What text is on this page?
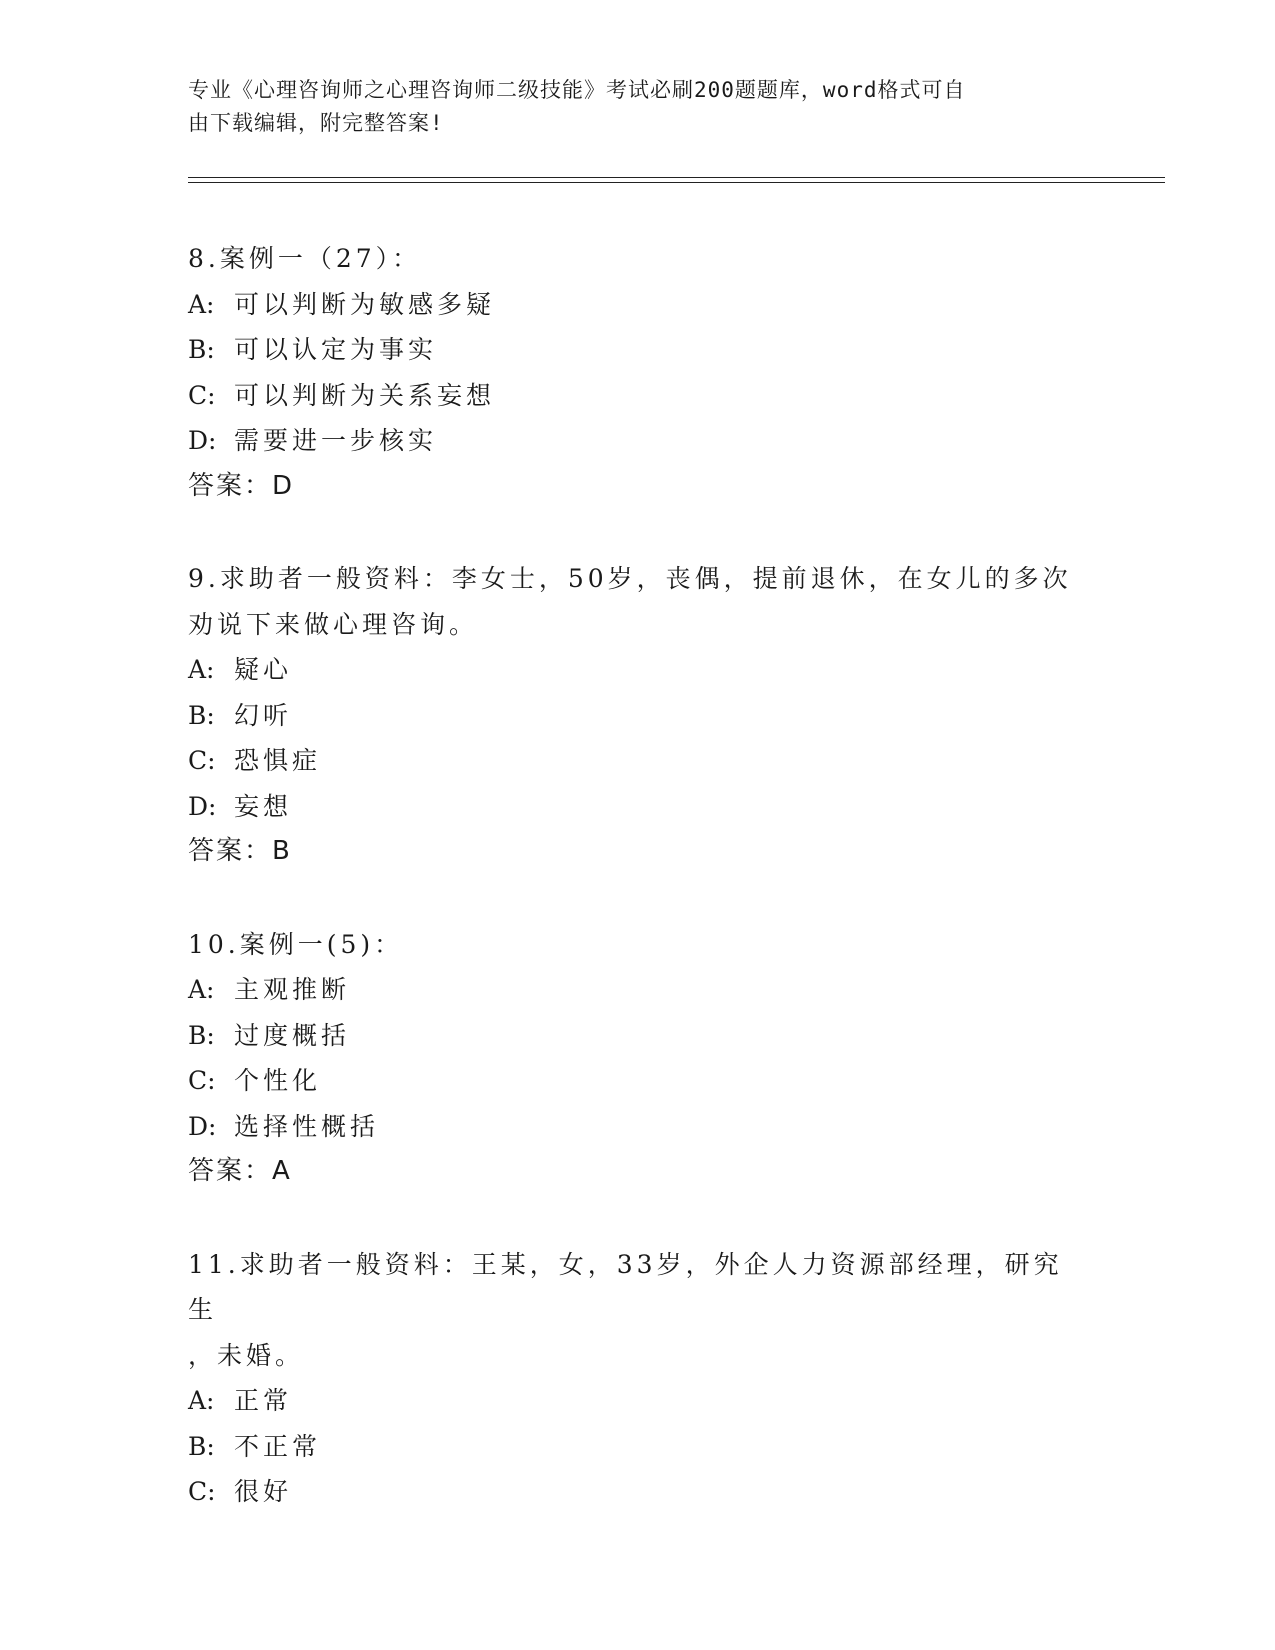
专业《心理咨询师之心理咨询师二级技能》考试必刷200题题库，word格式可自
由下载编辑，附完整答案!
8.案例一（27）：
A: 可以判断为敏感多疑
B: 可以认定为事实
C: 可以判断为关系妄想
D: 需要进一步核实
答案：D
9.求助者一般资料：李女士，50岁，丧偶，提前退休，在女儿的多次
劝说下来做心理咨询。
A: 疑心
B: 幻听
C: 恐惧症
D: 妄想
答案：B
10.案例一(5)：
A: 主观推断
B: 过度概括
C: 个性化
D: 选择性概括
答案：A
11.求助者一般资料：王某，女，33岁，外企人力资源部经理，研究生
，未婚。
A: 正常
B: 不正常
C: 很好
